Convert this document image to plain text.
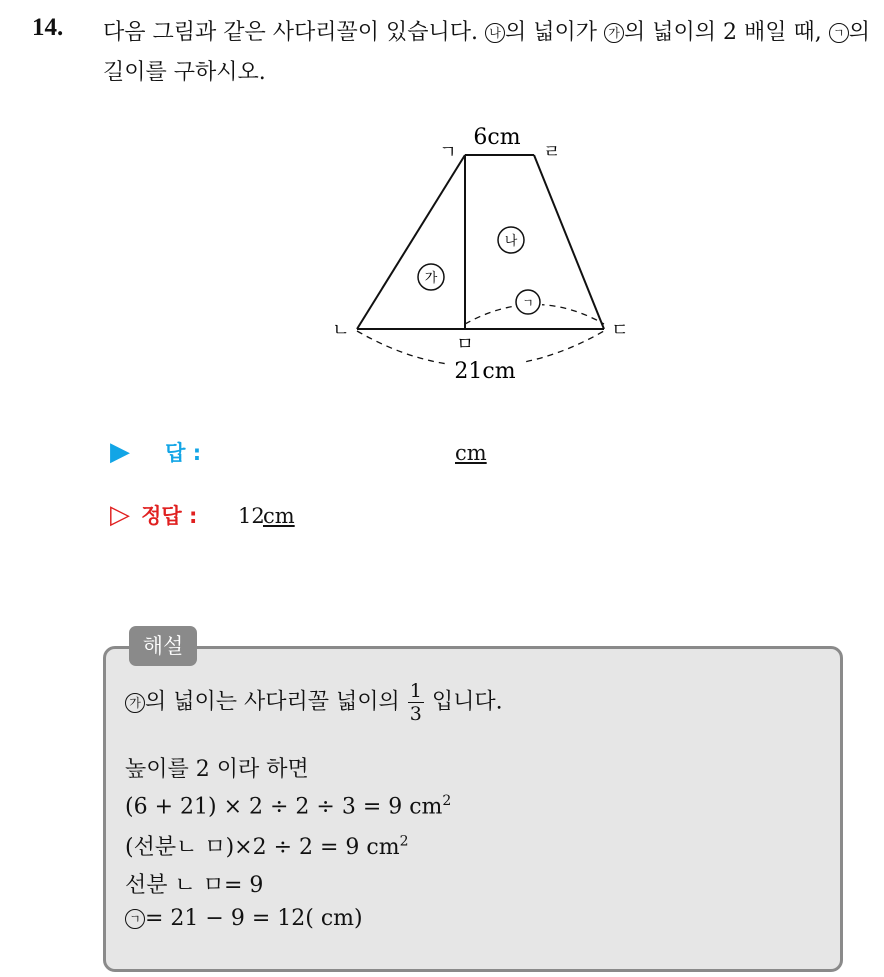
14. 다음 그림과 같은 사다리꼴이 있습니다. 나 의 넓이가 가 의 넓이의 2 배일 때, ㄱ 의 길이를 구하시오.
6cm
21cm
ㄱ	ㄹ
ㄴ	ㄷ
ㅁ
가
나
ㄱ
▶ 답 :	cm
▷ 정답 : 12
cm
해설
가 의 넓이는 사다리꼴 넓이의 $\frac{1}{3}$ 입니다.
높이를 2 이라 하면
(6 + 21) × 2 ÷ 2 ÷ 3 = 9 $cm^2$
(선분ㄴ ㅁ)×2 ÷ 2 = 9 $cm^2$
선분 ㄴ ㅁ= 9
ㄱ = 21 − 9 = 12( cm)
